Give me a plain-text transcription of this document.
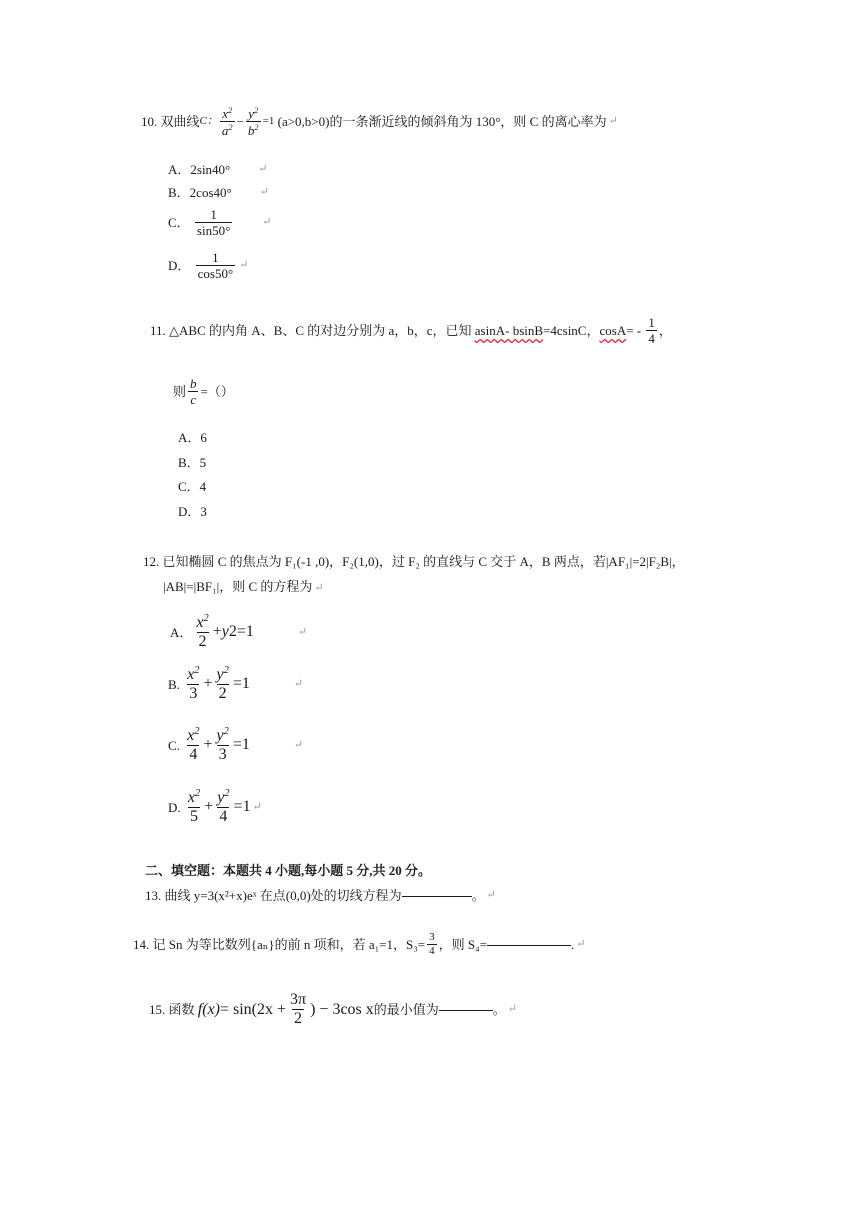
10.
双曲线 C： $\frac{x^2}{a^2} - \frac{y^2}{b^2} =1$
(a>0,b>0)的一条渐近线的倾斜角为 130°，则 C 的离心率为 ↵
A． 2sin40°	↵
B． 2cos40°	↵
C．
$\frac{1}{\sin 50^\circ}$	↵
D．
$\frac{1}{\cos 50^\circ}$ ↵
11.
△ABC 的内角 A、B、C 的对边分别为 a，b，c，已知
asinA- bsinB =4csinC， cosA = -
$\frac{1}{4}$ ，
则 $\frac{b}{c}$ =（）
A．6
B．5
C．4
D．3
12. 已知椭圆 C 的焦点为 F₁(-1 ,0)，F₂(1,0)，过 F₂ 的直线与 C 交于 A，B 两点，若|AF₁|=2|F₂B|，
|AB|=|BF₁|，则 C 的方程为 ↵
A． $\frac{x^2}{2} + y$ 2 =1	↵
B.
$\frac{x^2}{3} + \frac{y^2}{2} =1$	↵
C.
$\frac{x^2}{4} + \frac{y^2}{3} =1$	↵
D.
$\frac{x^2}{5} + \frac{y^2}{4} =1$ ↵
二、填空题：本题共 4 小题,每小题 5 分,共 20 分。
13.
曲线 y=3(x²+x)eˣ 在点(0,0)处的切线方程为	。 ↵
14.
记 Sn 为等比数列{aₙ}的前 n 项和，若 a₁=1，$S_3= \frac{3}{4}$ ，则 S₄=	. ↵
15.
函数
$f(x) = \sin(2x + \frac{3\pi}{2}$ ) − 3cos x 的最小值为	。 ↵
